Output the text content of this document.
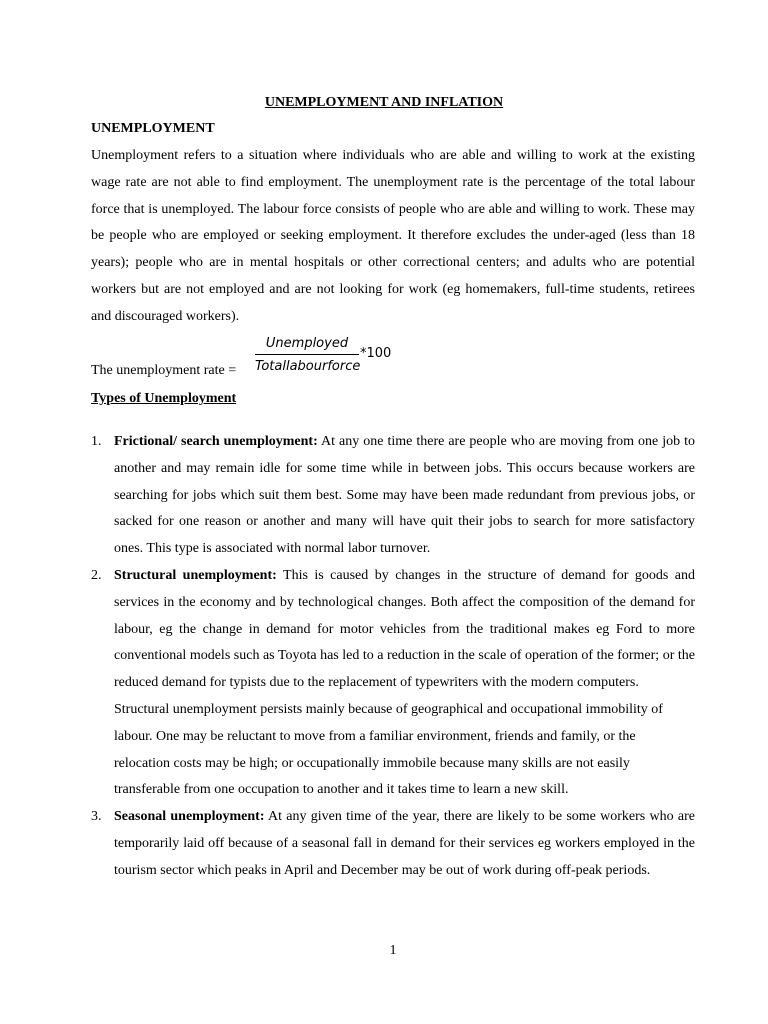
UNEMPLOYMENT AND INFLATION
UNEMPLOYMENT

Unemployment refers to a situation where individuals who are able and willing to work at the existing wage rate are not able to find employment. The unemployment rate is the percentage of the total labour force that is unemployed. The labour force consists of people who are able and willing to work. These may be people who are employed or seeking employment. It therefore excludes the under-aged (less than 18 years); people who are in mental hospitals or other correctional centers; and adults who are potential workers but are not employed and are not looking for work (eg homemakers, full-time students, retirees and discouraged workers).

The unemployment rate =
Unemployed
Totallabourforce
*100
Types of Unemployment
1. Frictional/ search unemployment: At any one time there are people who are moving from one job to another and may remain idle for some time while in between jobs. This occurs because workers are searching for jobs which suit them best. Some may have been made redundant from previous jobs, or sacked for one reason or another and many will have quit their jobs to search for more satisfactory ones. This type is associated with normal labor turnover.
2. Structural unemployment: This is caused by changes in the structure of demand for goods and services in the economy and by technological changes. Both affect the composition of the demand for labour, eg the change in demand for motor vehicles from the traditional makes eg Ford to more conventional models such as Toyota has led to a reduction in the scale of operation of the former; or the reduced demand for typists due to the replacement of typewriters with the modern computers.
Structural unemployment persists mainly because of geographical and occupational immobility of labour. One may be reluctant to move from a familiar environment, friends and family, or the relocation costs may be high; or occupationally immobile because many skills are not easily transferable from one occupation to another and it takes time to learn a new skill.
3. Seasonal unemployment: At any given time of the year, there are likely to be some workers who are temporarily laid off because of a seasonal fall in demand for their services eg workers employed in the tourism sector which peaks in April and December may be out of work during off-peak periods.

1
